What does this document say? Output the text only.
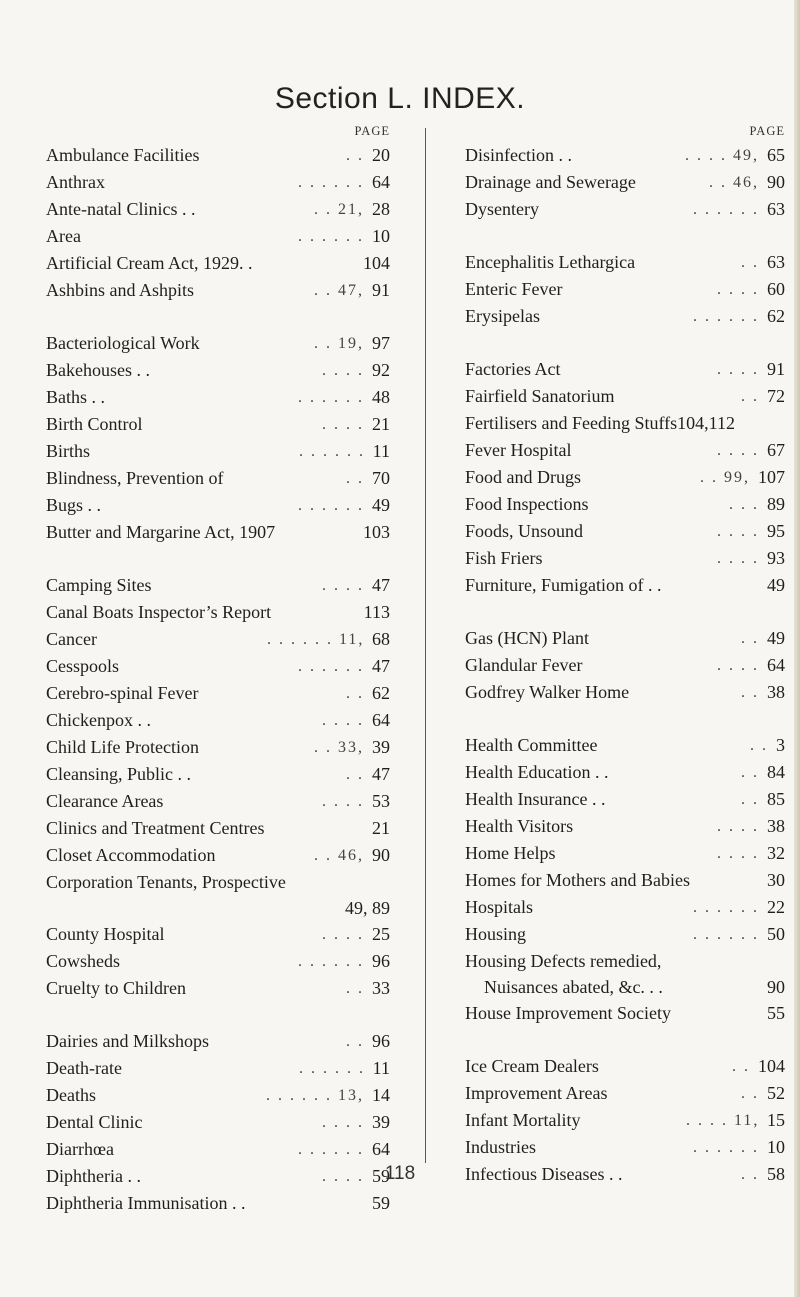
Section L. INDEX.
PAGE
Ambulance Facilities	. . 20
Anthrax	. . . . . . 64
Ante-natal Clinics . .	. . 21, 28
Area	. . . . . . 10
Artificial Cream Act, 1929. .	104
Ashbins and Ashpits	. . 47, 91
Bacteriological Work	. . 19, 97
Bakehouses . .	. . . . 92
Baths . .	. . . . . . 48
Birth Control	. . . . 21
Births	. . . . . . 11
Blindness, Prevention of	. . 70
Bugs . .	. . . . . . 49
Butter and Margarine Act, 1907	103
Camping Sites	. . . . 47
Canal Boats Inspector’s Report	113
Cancer	. . . . . . 11, 68
Cesspools	. . . . . . 47
Cerebro-spinal Fever	. . 62
Chickenpox . .	. . . . 64
Child Life Protection	. . 33, 39
Cleansing, Public . .	. . 47
Clearance Areas	. . . . 53
Clinics and Treatment Centres	21
Closet Accommodation	. . 46, 90
Corporation Tenants, Prospective
49, 89
County Hospital	. . . . 25
Cowsheds	. . . . . . 96
Cruelty to Children	. . 33
Dairies and Milkshops	. . 96
Death-rate	. . . . . . 11
Deaths	. . . . . . 13, 14
Dental Clinic	. . . . 39
Diarrhœa	. . . . . . 64
Diphtheria . .	. . . . 59
Diphtheria Immunisation . .	59
PAGE
Disinfection . .	. . . . 49, 65
Drainage and Sewerage	. . 46, 90
Dysentery	. . . . . . 63
Encephalitis Lethargica	. . 63
Enteric Fever	. . . . 60
Erysipelas	. . . . . . 62
Factories Act	. . . . 91
Fairfield Sanatorium	. . 72
Fertilisers and Feeding Stuffs104,112
Fever Hospital	. . . . 67
Food and Drugs	. . 99, 107
Food Inspections	. . . 89
Foods, Unsound	. . . . 95
Fish Friers	. . . . 93
Furniture, Fumigation of . .	49
Gas (HCN) Plant	. . 49
Glandular Fever	. . . . 64
Godfrey Walker Home	. . 38
Health Committee	. . 3
Health Education . .	. . 84
Health Insurance . .	. . 85
Health Visitors	. . . . 38
Home Helps	. . . . 32
Homes for Mothers and Babies	30
Hospitals	. . . . . . 22
Housing	. . . . . . 50
Housing Defects remedied,
Nuisances abated, &c. . .	90
House Improvement Society	55
Ice Cream Dealers	. . 104
Improvement Areas	. . 52
Infant Mortality	. . . . 11, 15
Industries	. . . . . . 10
Infectious Diseases . .	. . 58
118
